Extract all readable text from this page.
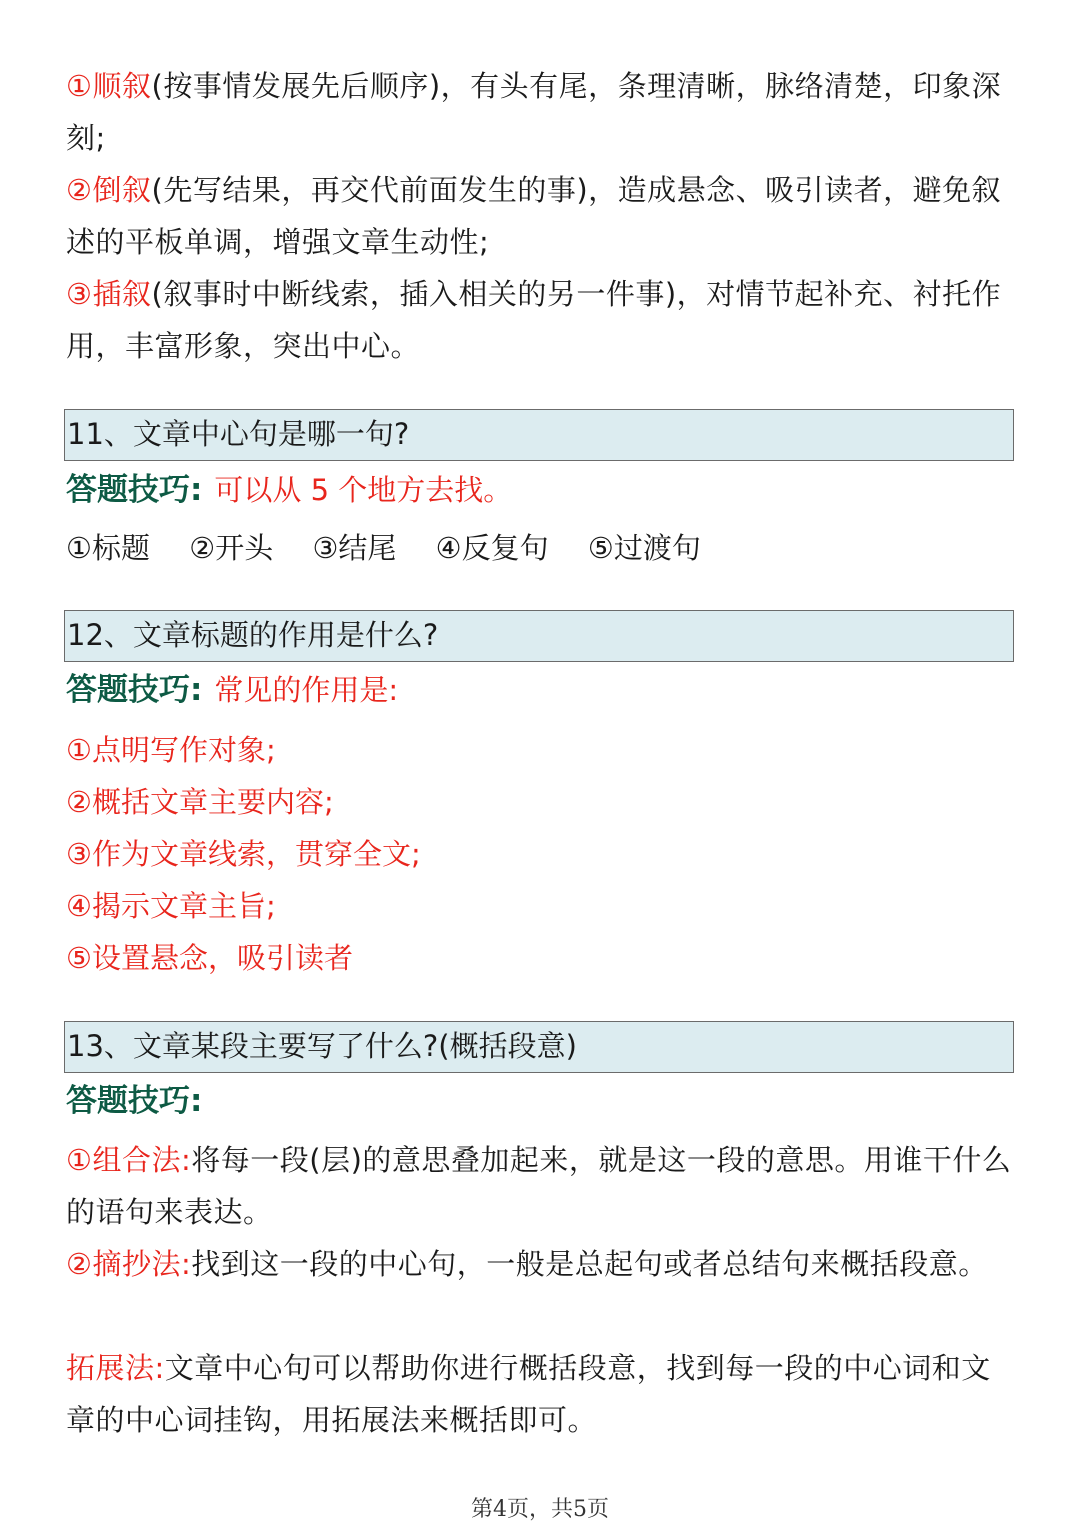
①顺叙(按事情发展先后顺序)，有头有尾，条理清晰，脉络清楚，印象深刻;
②倒叙(先写结果，再交代前面发生的事)，造成悬念、吸引读者，避免叙述的平板单调，增强文章生动性;
③插叙(叙事时中断线索，插入相关的另一件事)，对情节起补充、衬托作用，丰富形象，突出中心。
11、文章中心句是哪一句?
答题技巧: 可以从 5 个地方去找。
①标题 ②开头 ③结尾 ④反复句 ⑤过渡句
12、文章标题的作用是什么?
答题技巧: 常见的作用是:
①点明写作对象;
②概括文章主要内容;
③作为文章线索，贯穿全文;
④揭示文章主旨;
⑤设置悬念，吸引读者
13、文章某段主要写了什么?(概括段意)
答题技巧:
①组合法:将每一段(层)的意思叠加起来，就是这一段的意思。用谁干什么的语句来表达。
②摘抄法:找到这一段的中心句，一般是总起句或者总结句来概括段意。
拓展法:文章中心句可以帮助你进行概括段意，找到每一段的中心词和文章的中心词挂钩，用拓展法来概括即可。
第4页，共5页
